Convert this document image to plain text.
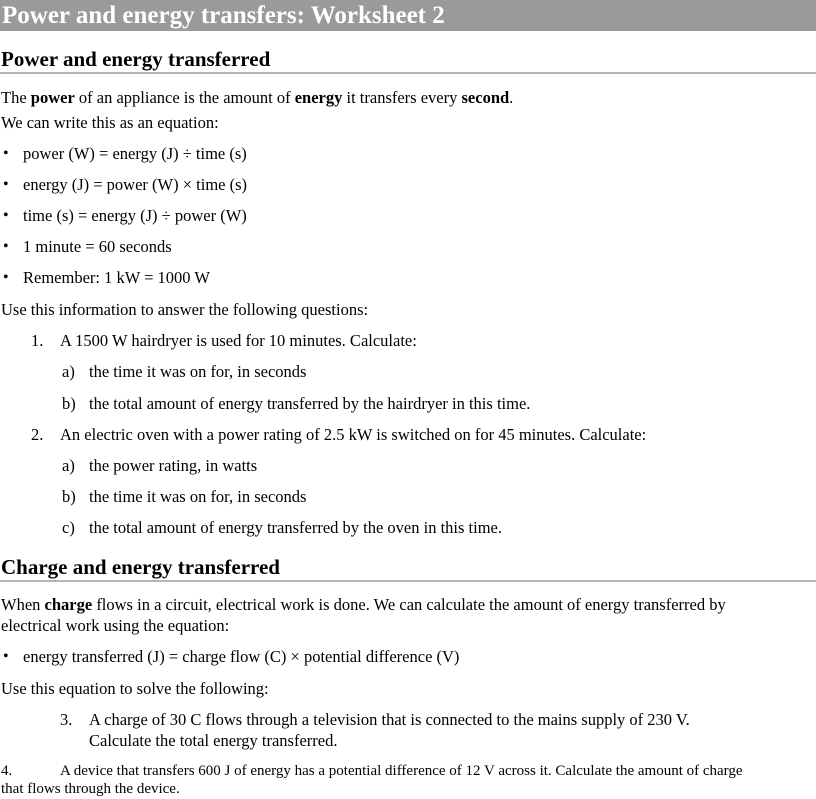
Power and energy transfers: Worksheet 2
Power and energy transferred
The power of an appliance is the amount of energy it transfers every second.
We can write this as an equation:
• power (W) = energy (J) ÷ time (s)
• energy (J) = power (W) × time (s)
• time (s) = energy (J) ÷ power (W)
• 1 minute = 60 seconds
• Remember: 1 kW = 1000 W
Use this information to answer the following questions:
1. A 1500 W hairdryer is used for 10 minutes. Calculate:
a) the time it was on for, in seconds
b) the total amount of energy transferred by the hairdryer in this time.
2. An electric oven with a power rating of 2.5 kW is switched on for 45 minutes. Calculate:
a) the power rating, in watts
b) the time it was on for, in seconds
c) the total amount of energy transferred by the oven in this time.
Charge and energy transferred
When charge flows in a circuit, electrical work is done. We can calculate the amount of energy transferred by
electrical work using the equation:
• energy transferred (J) = charge flow (C) × potential difference (V)
Use this equation to solve the following:
3. A charge of 30 C flows through a television that is connected to the mains supply of 230 V.
Calculate the total energy transferred.
4.	A device that transfers 600 J of energy has a potential difference of 12 V across it. Calculate the amount of charge
that flows through the device.
